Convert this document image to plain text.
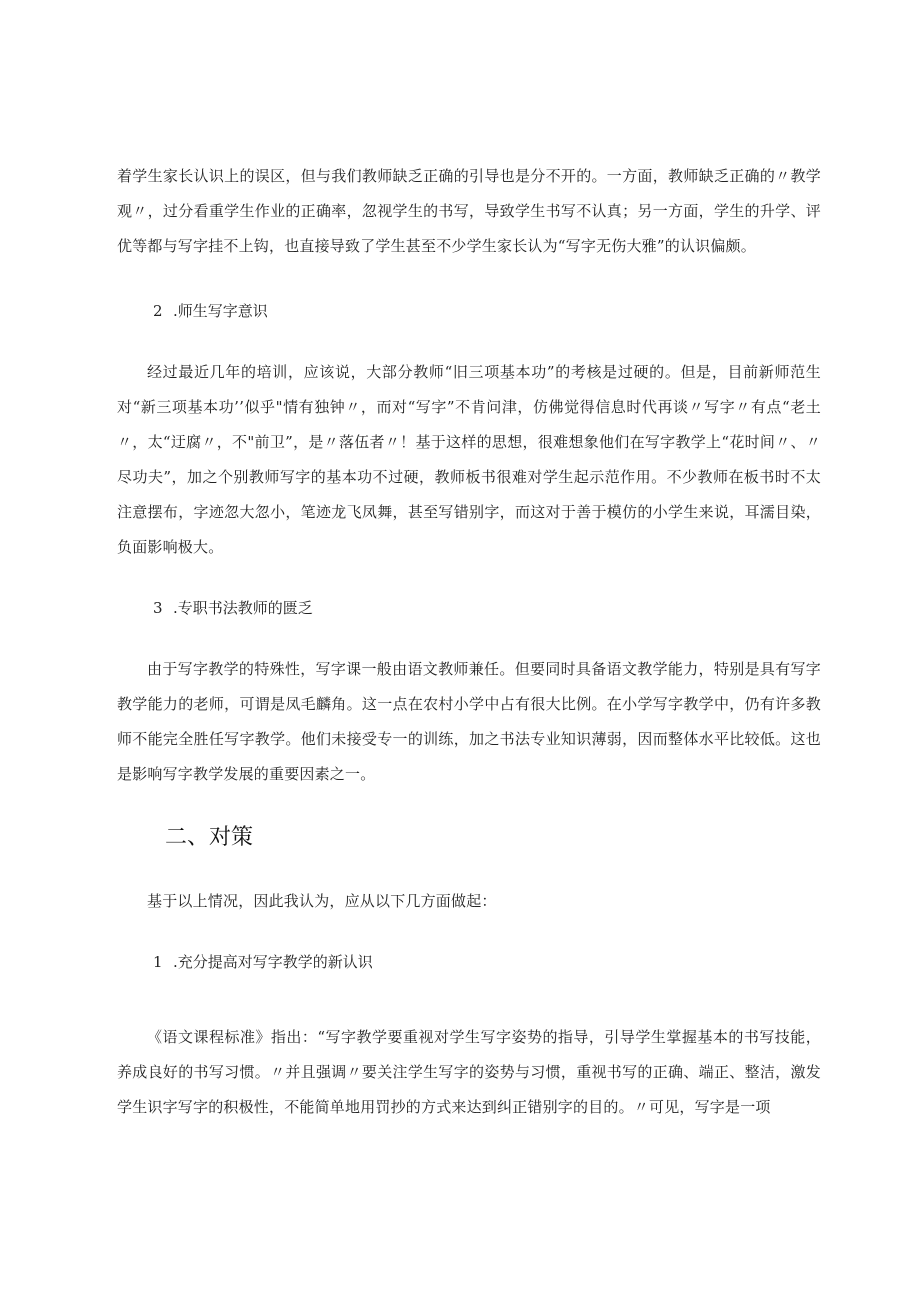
着学生家长认识上的误区，但与我们教师缺乏正确的引导也是分不开的。一方面，教师缺乏正确的〃教学观〃，过分看重学生作业的正确率，忽视学生的书写，导致学生书写不认真；另一方面，学生的升学、评优等都与写字挂不上钩，也直接导致了学生甚至不少学生家长认为“写字无伤大雅”的认识偏颇。

2 .师生写字意识

经过最近几年的培训，应该说，大部分教师“旧三项基本功”的考核是过硬的。但是，目前新师范生对“新三项基本功’’似乎"情有独钟〃，而对“写字”不肯问津，仿佛觉得信息时代再谈〃写字〃有点“老土〃，太“迂腐〃，不"前卫”，是〃落伍者〃！基于这样的思想，很难想象他们在写字教学上“花时间〃、〃尽功夫”，加之个别教师写字的基本功不过硬，教师板书很难对学生起示范作用。不少教师在板书时不太注意摆布，字迹忽大忽小，笔迹龙飞凤舞，甚至写错别字，而这对于善于模仿的小学生来说，耳濡目染，负面影响极大。

3 .专职书法教师的匮乏

由于写字教学的特殊性，写字课一般由语文教师兼任。但要同时具备语文教学能力，特别是具有写字教学能力的老师，可谓是凤毛麟角。这一点在农村小学中占有很大比例。在小学写字教学中，仍有许多教师不能完全胜任写字教学。他们未接受专一的训练，加之书法专业知识薄弱，因而整体水平比较低。这也是影响写字教学发展的重要因素之一。

二、对策

基于以上情况，因此我认为，应从以下几方面做起：

1 .充分提高对写字教学的新认识

《语文课程标准》指出：“写字教学要重视对学生写字姿势的指导，引导学生掌握基本的书写技能，养成良好的书写习惯。〃并且强调〃要关注学生写字的姿势与习惯，重视书写的正确、端正、整洁，激发学生识字写字的积极性，不能简单地用罚抄的方式来达到纠正错别字的目的。〃可见，写字是一项
